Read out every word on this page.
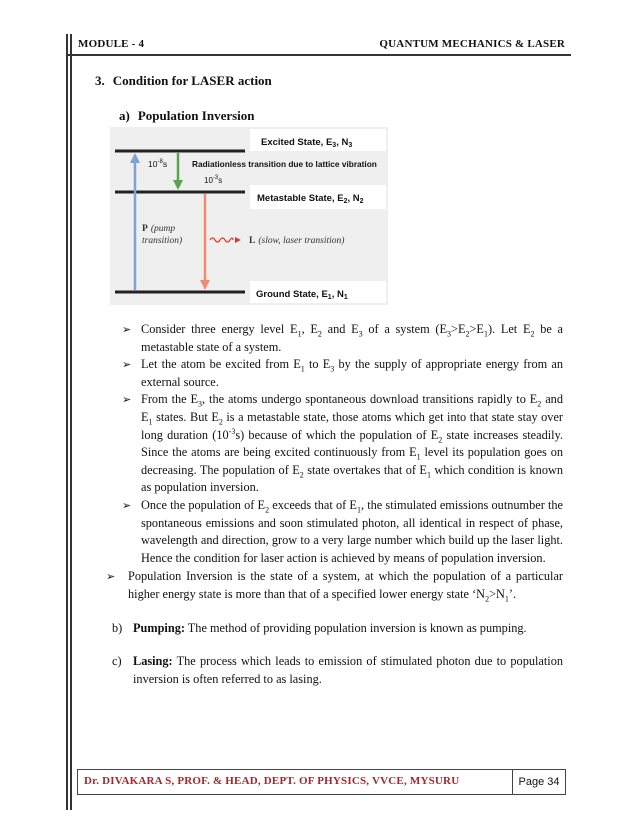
MODULE - 4	QUANTUM MECHANICS & LASER
3. Condition for LASER action
a) Population Inversion
Excited State, $E_3$, $N_3$
$10^{-8}s$	Radiationless transition due to lattice vibration
$10^{-3}s$
Metastable State, $E_2$, $N_2$
P (pump
transition)	L (slow, laser transition)
Ground State, $E_1$, $N_1$
➢ Consider three energy level $E_1$, $E_2$ and $E_3$ of a system $(E_3>E_2>E_1)$. Let $E_2$ be a metastable state of a system.
➢ Let the atom be excited from $E_1$ to $E_3$ by the supply of appropriate energy from an external source.
➢ From the $E_3$, the atoms undergo spontaneous download transitions rapidly to $E_2$ and $E_1$ states. But $E_2$ is a metastable state, those atoms which get into that state stay over long duration $(10^{-3}s)$ because of which the population of $E_2$ state increases steadily. Since the atoms are being excited continuously from $E_1$ level its population goes on decreasing. The population of $E_2$ state overtakes that of $E_1$ which condition is known as population inversion.
➢ Once the population of $E_2$ exceeds that of $E_1$, the stimulated emissions outnumber the spontaneous emissions and soon stimulated photon, all identical in respect of phase, wavelength and direction, grow to a very large number which build up the laser light. Hence the condition for laser action is achieved by means of population inversion.
➢	Population Inversion is the state of a system, at which the population of a particular higher energy state is more than that of a specified lower energy state ‘$N_2>N_1$’.
b) Pumping: The method of providing population inversion is known as pumping.
c) Lasing: The process which leads to emission of stimulated photon due to population inversion is often referred to as lasing.
Dr. DIVAKARA S, PROF. & HEAD, DEPT. OF PHYSICS, VVCE, MYSURU	Page 34
